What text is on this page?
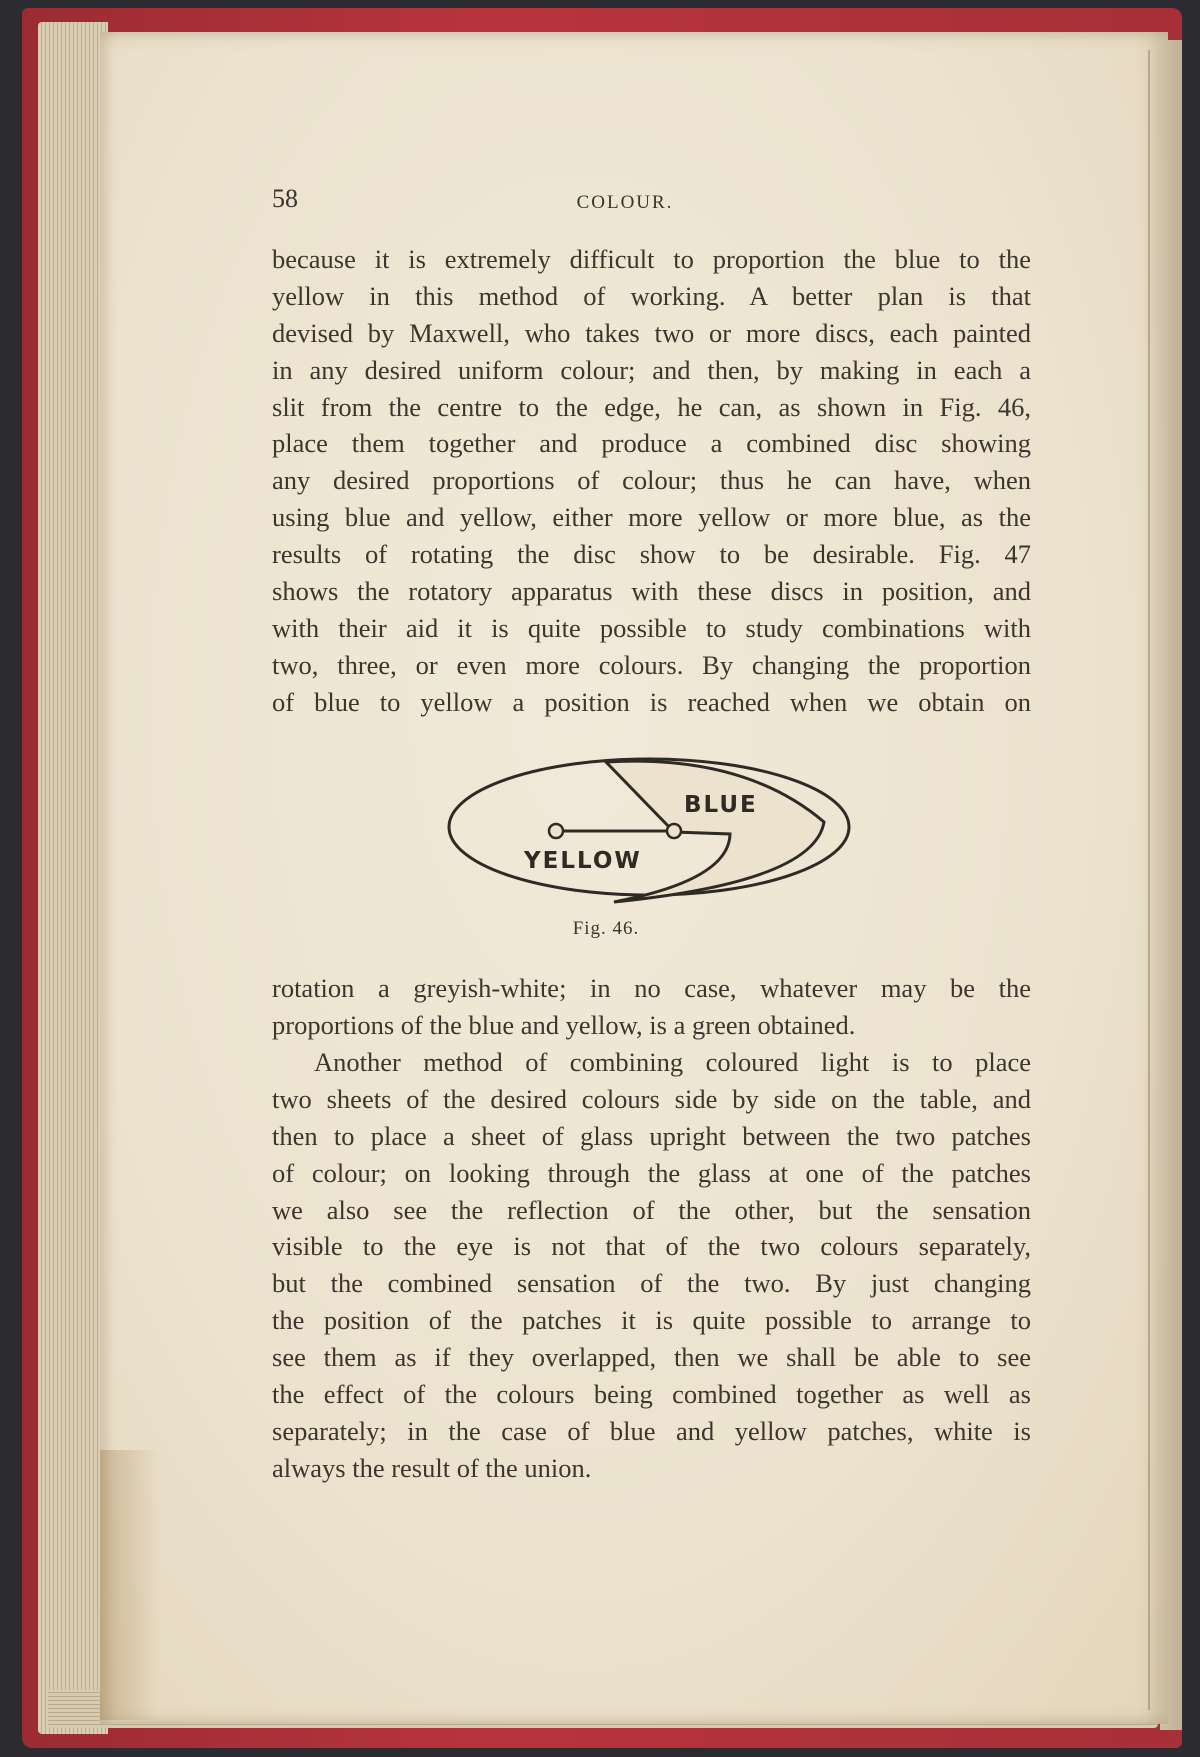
58	COLOUR.
because it is extremely difficult to proportion the blue to the
yellow in this method of working. A better plan is that
devised by Maxwell, who takes two or more discs, each painted
in any desired uniform colour; and then, by making in each a
slit from the centre to the edge, he can, as shown in Fig. 46,
place them together and produce a combined disc showing
any desired proportions of colour; thus he can have, when
using blue and yellow, either more yellow or more blue, as the
results of rotating the disc show to be desirable. Fig. 47
shows the rotatory apparatus with these discs in position, and
with their aid it is quite possible to study combinations with
two, three, or even more colours. By changing the proportion
of blue to yellow a position is reached when we obtain on
BLUE
YELLOW
Fig. 46.
rotation a greyish-white; in no case, whatever may be the
proportions of the blue and yellow, is a green obtained.
Another method of combining coloured light is to place
two sheets of the desired colours side by side on the table, and
then to place a sheet of glass upright between the two patches
of colour; on looking through the glass at one of the patches
we also see the reflection of the other, but the sensation
visible to the eye is not that of the two colours separately,
but the combined sensation of the two. By just changing
the position of the patches it is quite possible to arrange to
see them as if they overlapped, then we shall be able to see
the effect of the colours being combined together as well as
separately; in the case of blue and yellow patches, white is
always the result of the union.
